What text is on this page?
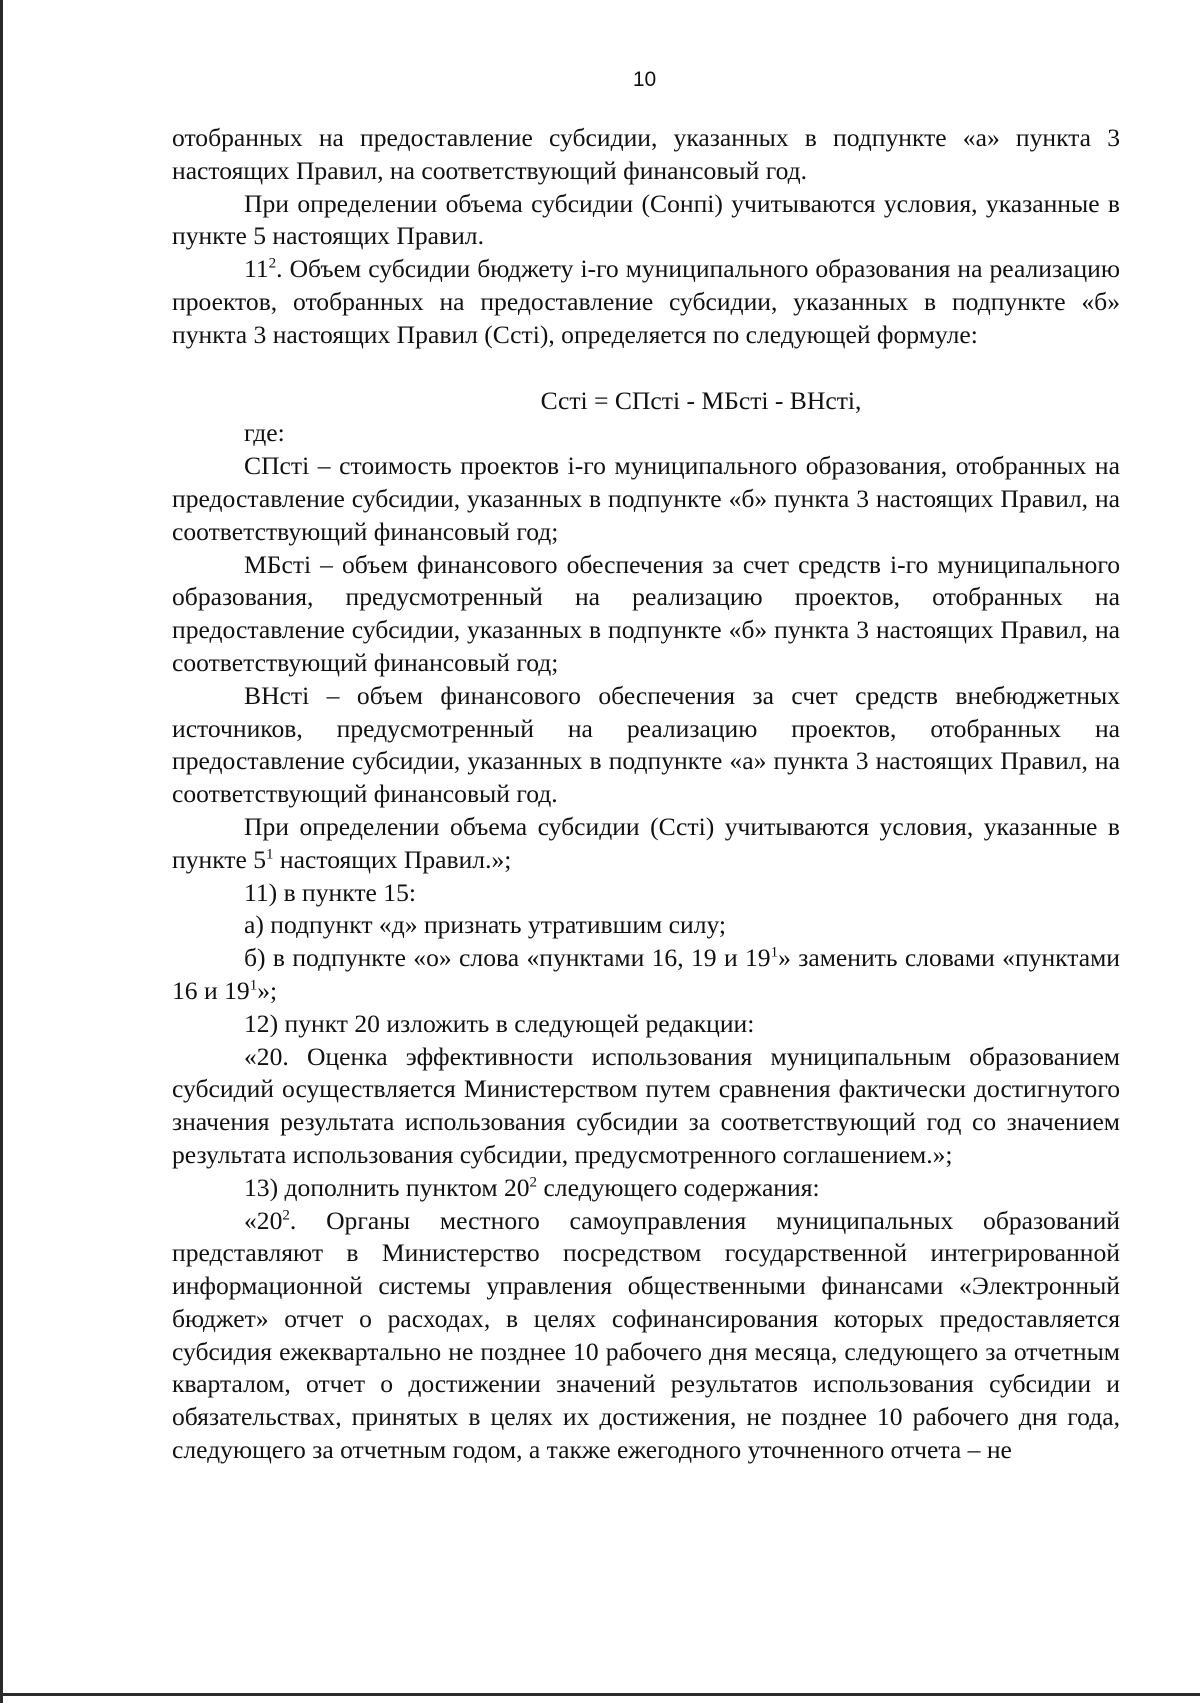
10

отобранных на предоставление субсидии, указанных в подпункте «а» пункта 3 настоящих Правил, на соответствующий финансовый год.

При определении объема субсидии (Сонпi) учитываются условия, указанные в пункте 5 настоящих Правил.

$11^2$. Объем субсидии бюджету i-го муниципального образования на реализацию проектов, отобранных на предоставление субсидии, указанных в подпункте «б» пункта 3 настоящих Правил (Сстi), определяется по следующей формуле:

Сстi = СПстi - МБстi - ВНстi,

где:

СПстi – стоимость проектов i-го муниципального образования, отобранных на предоставление субсидии, указанных в подпункте «б» пункта 3 настоящих Правил, на соответствующий финансовый год;

МБстi – объем финансового обеспечения за счет средств i-го муниципального образования, предусмотренный на реализацию проектов, отобранных на предоставление субсидии, указанных в подпункте «б» пункта 3 настоящих Правил, на соответствующий финансовый год;

ВНстi – объем финансового обеспечения за счет средств внебюджетных источников, предусмотренный на реализацию проектов, отобранных на предоставление субсидии, указанных в подпункте «а» пункта 3 настоящих Правил, на соответствующий финансовый год.

При определении объема субсидии (Сстi) учитываются условия, указанные в пункте $5^1$ настоящих Правил.»;

11) в пункте 15:

а) подпункт «д» признать утратившим силу;

б) в подпункте «о» слова «пунктами 16, 19 и $19^1$» заменить словами «пунктами 16 и $19^1$»;

12) пункт 20 изложить в следующей редакции:

«20. Оценка эффективности использования муниципальным образованием субсидий осуществляется Министерством путем сравнения фактически достигнутого значения результата использования субсидии за соответствующий год со значением результата использования субсидии, предусмотренного соглашением.»;

13) дополнить пунктом $20^2$ следующего содержания:

«$20^2$. Органы местного самоуправления муниципальных образований представляют в Министерство посредством государственной интегрированной информационной системы управления общественными финансами «Электронный бюджет» отчет о расходах, в целях софинансирования которых предоставляется субсидия ежеквартально не позднее 10 рабочего дня месяца, следующего за отчетным кварталом, отчет о достижении значений результатов использования субсидии и обязательствах, принятых в целях их достижения, не позднее 10 рабочего дня года, следующего за отчетным годом, а также ежегодного уточненного отчета – не
